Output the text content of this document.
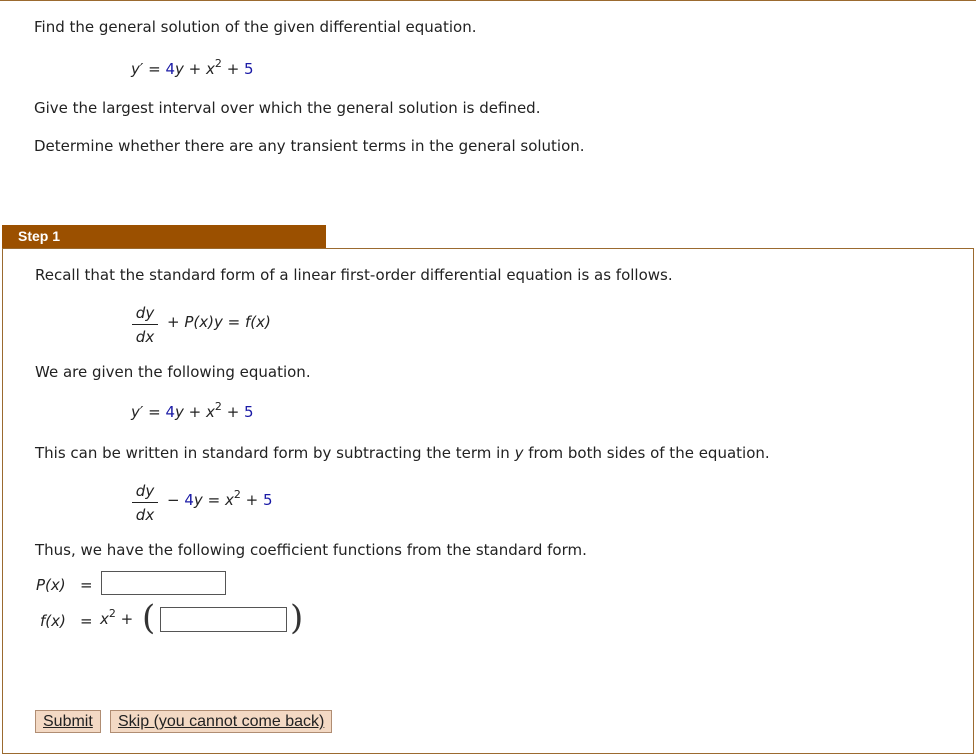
Find the general solution of the given differential equation.
$y' = 4y + x^2 + 5$
Give the largest interval over which the general solution is defined.
Determine whether there are any transient terms in the general solution.
Step 1
Recall that the standard form of a linear first-order differential equation is as follows.
$\frac{dy}{dx} + P(x)y = f(x)$
We are given the following equation.
$y' = 4y + x^2 + 5$
This can be written in standard form by subtracting the term in y from both sides of the equation.
$\frac{dy}{dx} - 4y = x^2 + 5$
Thus, we have the following coefficient functions from the standard form.
P(x) =
$f(x) = x^2$ + (	)
Submit	Skip (you cannot come back)
